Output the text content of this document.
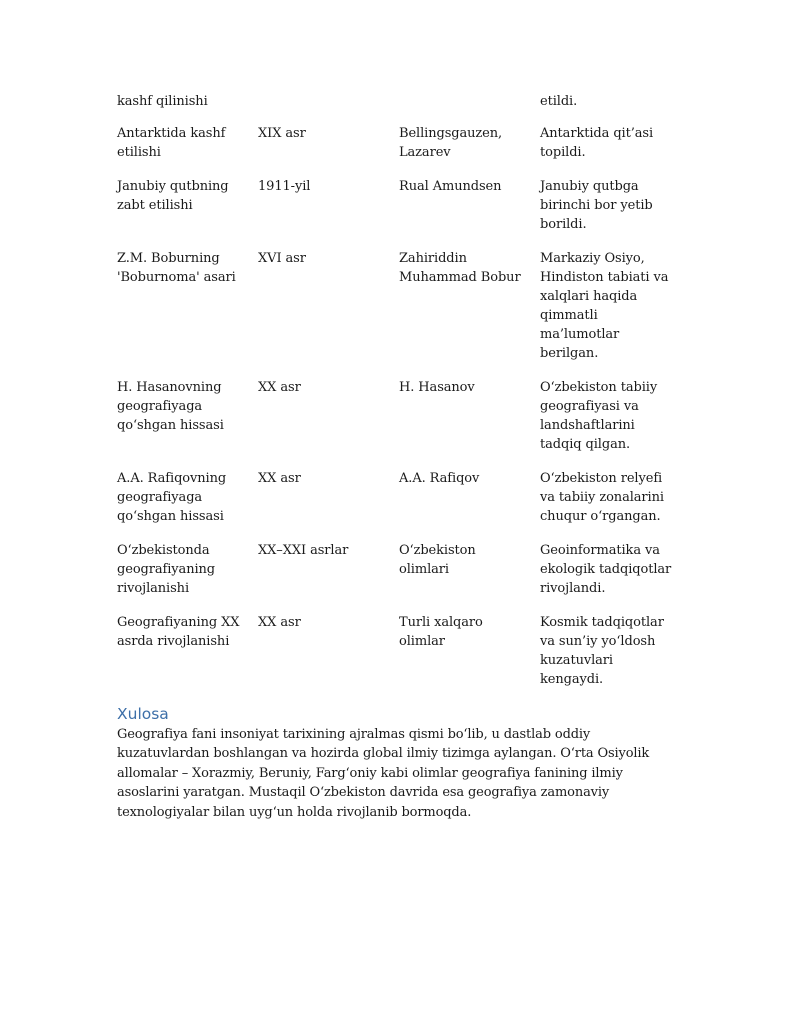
kashf qilinishi			etildi.
Antarktida kashf etilishi	XIX asr	Bellingsgauzen, Lazarev	Antarktida qit’asi topildi.
Janubiy qutbning zabt etilishi	1911-yil	Rual Amundsen	Janubiy qutbga birinchi bor yetib borildi.
Z.M. Boburning 'Boburnoma' asari	XVI asr	Zahiriddin Muhammad Bobur	Markaziy Osiyo, Hindiston tabiati va xalqlari haqida qimmatli ma’lumotlar berilgan.
H. Hasanovning geografiyaga qo‘shgan hissasi	XX asr	H. Hasanov	O‘zbekiston tabiiy geografiyasi va landshaftlarini tadqiq qilgan.
A.A. Rafiqovning geografiyaga qo‘shgan hissasi	XX asr	A.A. Rafiqov	O‘zbekiston relyefi va tabiiy zonalarini chuqur o‘rgangan.
O‘zbekistonda geografiyaning rivojlanishi	XX–XXI asrlar	O‘zbekiston olimlari	Geoinformatika va ekologik tadqiqotlar rivojlandi.
Geografiyaning XX asrda rivojlanishi	XX asr	Turli xalqaro olimlar	Kosmik tadqiqotlar va sun’iy yo‘ldosh kuzatuvlari kengaydi.
Xulosa

Geografiya fani insoniyat tarixining ajralmas qismi bo‘lib, u dastlab oddiy kuzatuvlardan boshlangan va hozirda global ilmiy tizimga aylangan. O‘rta Osiyolik allomalar – Xorazmiy, Beruniy, Farg‘oniy kabi olimlar geografiya fanining ilmiy asoslarini yaratgan. Mustaqil O‘zbekiston davrida esa geografiya zamonaviy texnologiyalar bilan uyg‘un holda rivojlanib bormoqda.
